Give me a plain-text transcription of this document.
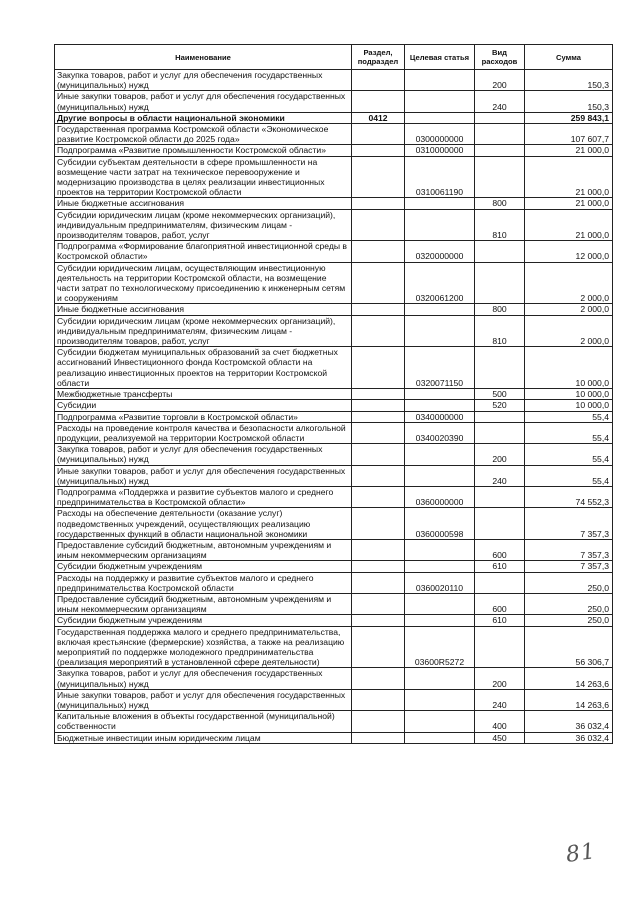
Наименование	Раздел, подраздел	Целевая статья	Вид расходов	Сумма
Закупка товаров, работ и услуг для обеспечения государственных (муниципальных) нужд			200	150,3
Иные закупки товаров, работ и услуг для обеспечения государственных (муниципальных) нужд			240	150,3
Другие вопросы в области национальной экономики	0412			259 843,1
Государственная программа Костромской области «Экономическое развитие Костромской области до 2025 года»		0300000000		107 607,7
Подпрограмма «Развитие промышленности Костромской области»		0310000000		21 000,0
Субсидии субъектам деятельности в сфере промышленности на возмещение части затрат на техническое перевооружение и модернизацию производства в целях реализации инвестиционных проектов на территории Костромской области		0310061190		21 000,0
Иные бюджетные ассигнования			800	21 000,0
Субсидии юридическим лицам (кроме некоммерческих организаций), индивидуальным предпринимателям, физическим лицам - производителям товаров, работ, услуг			810	21 000,0
Подпрограмма «Формирование благоприятной инвестиционной среды в Костромской области»		0320000000		12 000,0
Субсидии юридическим лицам, осуществляющим инвестиционную деятельность на территории Костромской области, на возмещение части затрат по технологическому присоединению к инженерным сетям и сооружениям		0320061200		2 000,0
Иные бюджетные ассигнования			800	2 000,0
Субсидии юридическим лицам (кроме некоммерческих организаций), индивидуальным предпринимателям, физическим лицам - производителям товаров, работ, услуг			810	2 000,0
Субсидии бюджетам муниципальных образований за счет бюджетных ассигнований Инвестиционного фонда Костромской области на реализацию инвестиционных проектов на территории Костромской области		0320071150		10 000,0
Межбюджетные трансферты			500	10 000,0
Субсидии			520	10 000,0
Подпрограмма «Развитие торговли в Костромской области»		0340000000		55,4
Расходы на проведение контроля качества и безопасности алкогольной продукции, реализуемой на территории Костромской области		0340020390		55,4
Закупка товаров, работ и услуг для обеспечения государственных (муниципальных) нужд			200	55,4
Иные закупки товаров, работ и услуг для обеспечения государственных (муниципальных) нужд			240	55,4
Подпрограмма «Поддержка и развитие субъектов малого и среднего предпринимательства в Костромской области»		0360000000		74 552,3
Расходы на обеспечение деятельности (оказание услуг) подведомственных учреждений, осуществляющих реализацию государственных функций в области национальной экономики		0360000598		7 357,3
Предоставление субсидий бюджетным, автономным учреждениям и иным некоммерческим организациям			600	7 357,3
Субсидии бюджетным учреждениям			610	7 357,3
Расходы на поддержку и развитие субъектов малого и среднего предпринимательства Костромской области		0360020110		250,0
Предоставление субсидий бюджетным, автономным учреждениям и иным некоммерческим организациям			600	250,0
Субсидии бюджетным учреждениям			610	250,0
Государственная поддержка малого и среднего предпринимательства, включая крестьянские (фермерские) хозяйства, а также на реализацию мероприятий по поддержке молодежного предпринимательства (реализация мероприятий в установленной сфере деятельности)		03600R5272		56 306,7
Закупка товаров, работ и услуг для обеспечения государственных (муниципальных) нужд			200	14 263,6
Иные закупки товаров, работ и услуг для обеспечения государственных (муниципальных) нужд			240	14 263,6
Капитальные вложения в объекты государственной (муниципальной) собственности			400	36 032,4
Бюджетные инвестиции иным юридическим лицам			450	36 032,4
81
